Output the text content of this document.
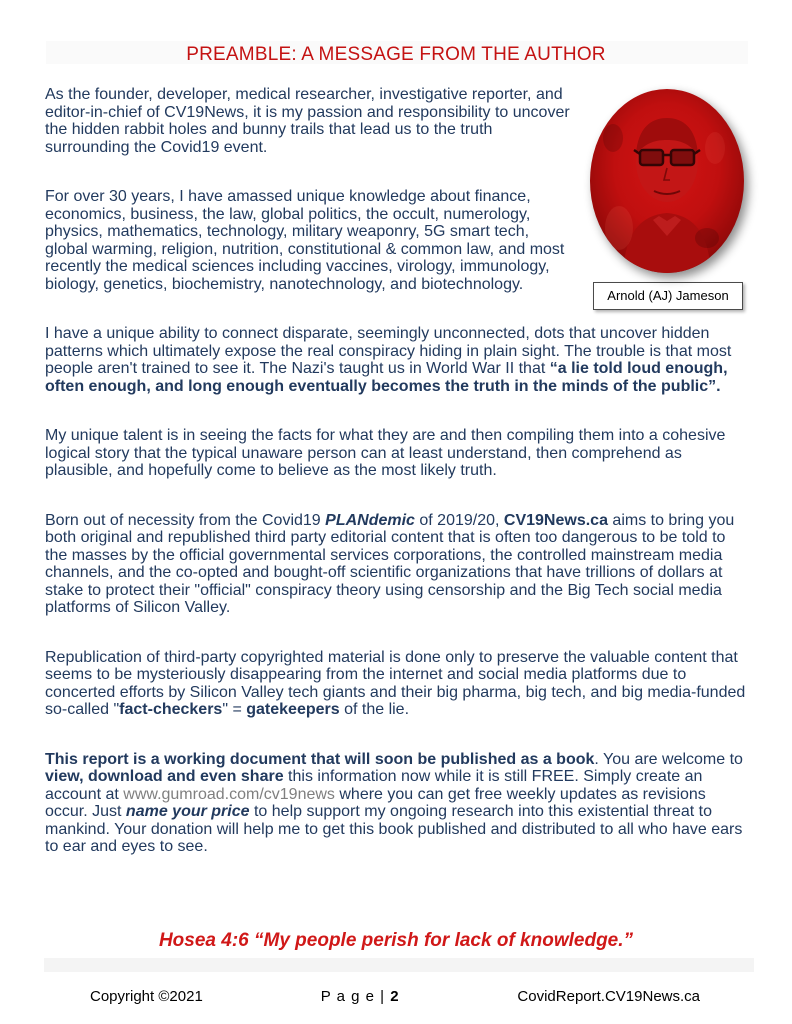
PREAMBLE: A MESSAGE FROM THE AUTHOR
Arnold (AJ) Jameson

As the founder, developer, medical researcher, investigative reporter, and editor-in-chief of CV19News, it is my passion and responsibility to uncover the hidden rabbit holes and bunny trails that lead us to the truth surrounding the Covid19 event.

For over 30 years, I have amassed unique knowledge about finance, economics, business, the law, global politics, the occult, numerology, physics, mathematics, technology, military weaponry, 5G smart tech, global warming, religion, nutrition, constitutional & common law, and most recently the medical sciences including vaccines, virology, immunology, biology, genetics, biochemistry, nanotechnology, and biotechnology.

I have a unique ability to connect disparate, seemingly unconnected, dots that uncover hidden patterns which ultimately expose the real conspiracy hiding in plain sight. The trouble is that most people aren't trained to see it. The Nazi's taught us in World War II that “a lie told loud enough, often enough, and long enough eventually becomes the truth in the minds of the public”.

My unique talent is in seeing the facts for what they are and then compiling them into a cohesive logical story that the typical unaware person can at least understand, then comprehend as plausible, and hopefully come to believe as the most likely truth.

Born out of necessity from the Covid19 PLANdemic of 2019/20, CV19News.ca aims to bring you both original and republished third party editorial content that is often too dangerous to be told to the masses by the official governmental services corporations, the controlled mainstream media channels, and the co-opted and bought-off scientific organizations that have trillions of dollars at stake to protect their "official" conspiracy theory using censorship and the Big Tech social media platforms of Silicon Valley.

Republication of third-party copyrighted material is done only to preserve the valuable content that seems to be mysteriously disappearing from the internet and social media platforms due to concerted efforts by Silicon Valley tech giants and their big pharma, big tech, and big media-funded so-called "fact-checkers" = gatekeepers of the lie.

This report is a working document that will soon be published as a book. You are welcome to view, download and even share this information now while it is still FREE. Simply create an account at www.gumroad.com/cv19news where you can get free weekly updates as revisions occur. Just name your price to help support my ongoing research into this existential threat to mankind. Your donation will help me to get this book published and distributed to all who have ears to ear and eyes to see.

Hosea 4:6 “My people perish for lack of knowledge.”
Copyright ©2021	P a g e | 2	CovidReport.CV19News.ca
